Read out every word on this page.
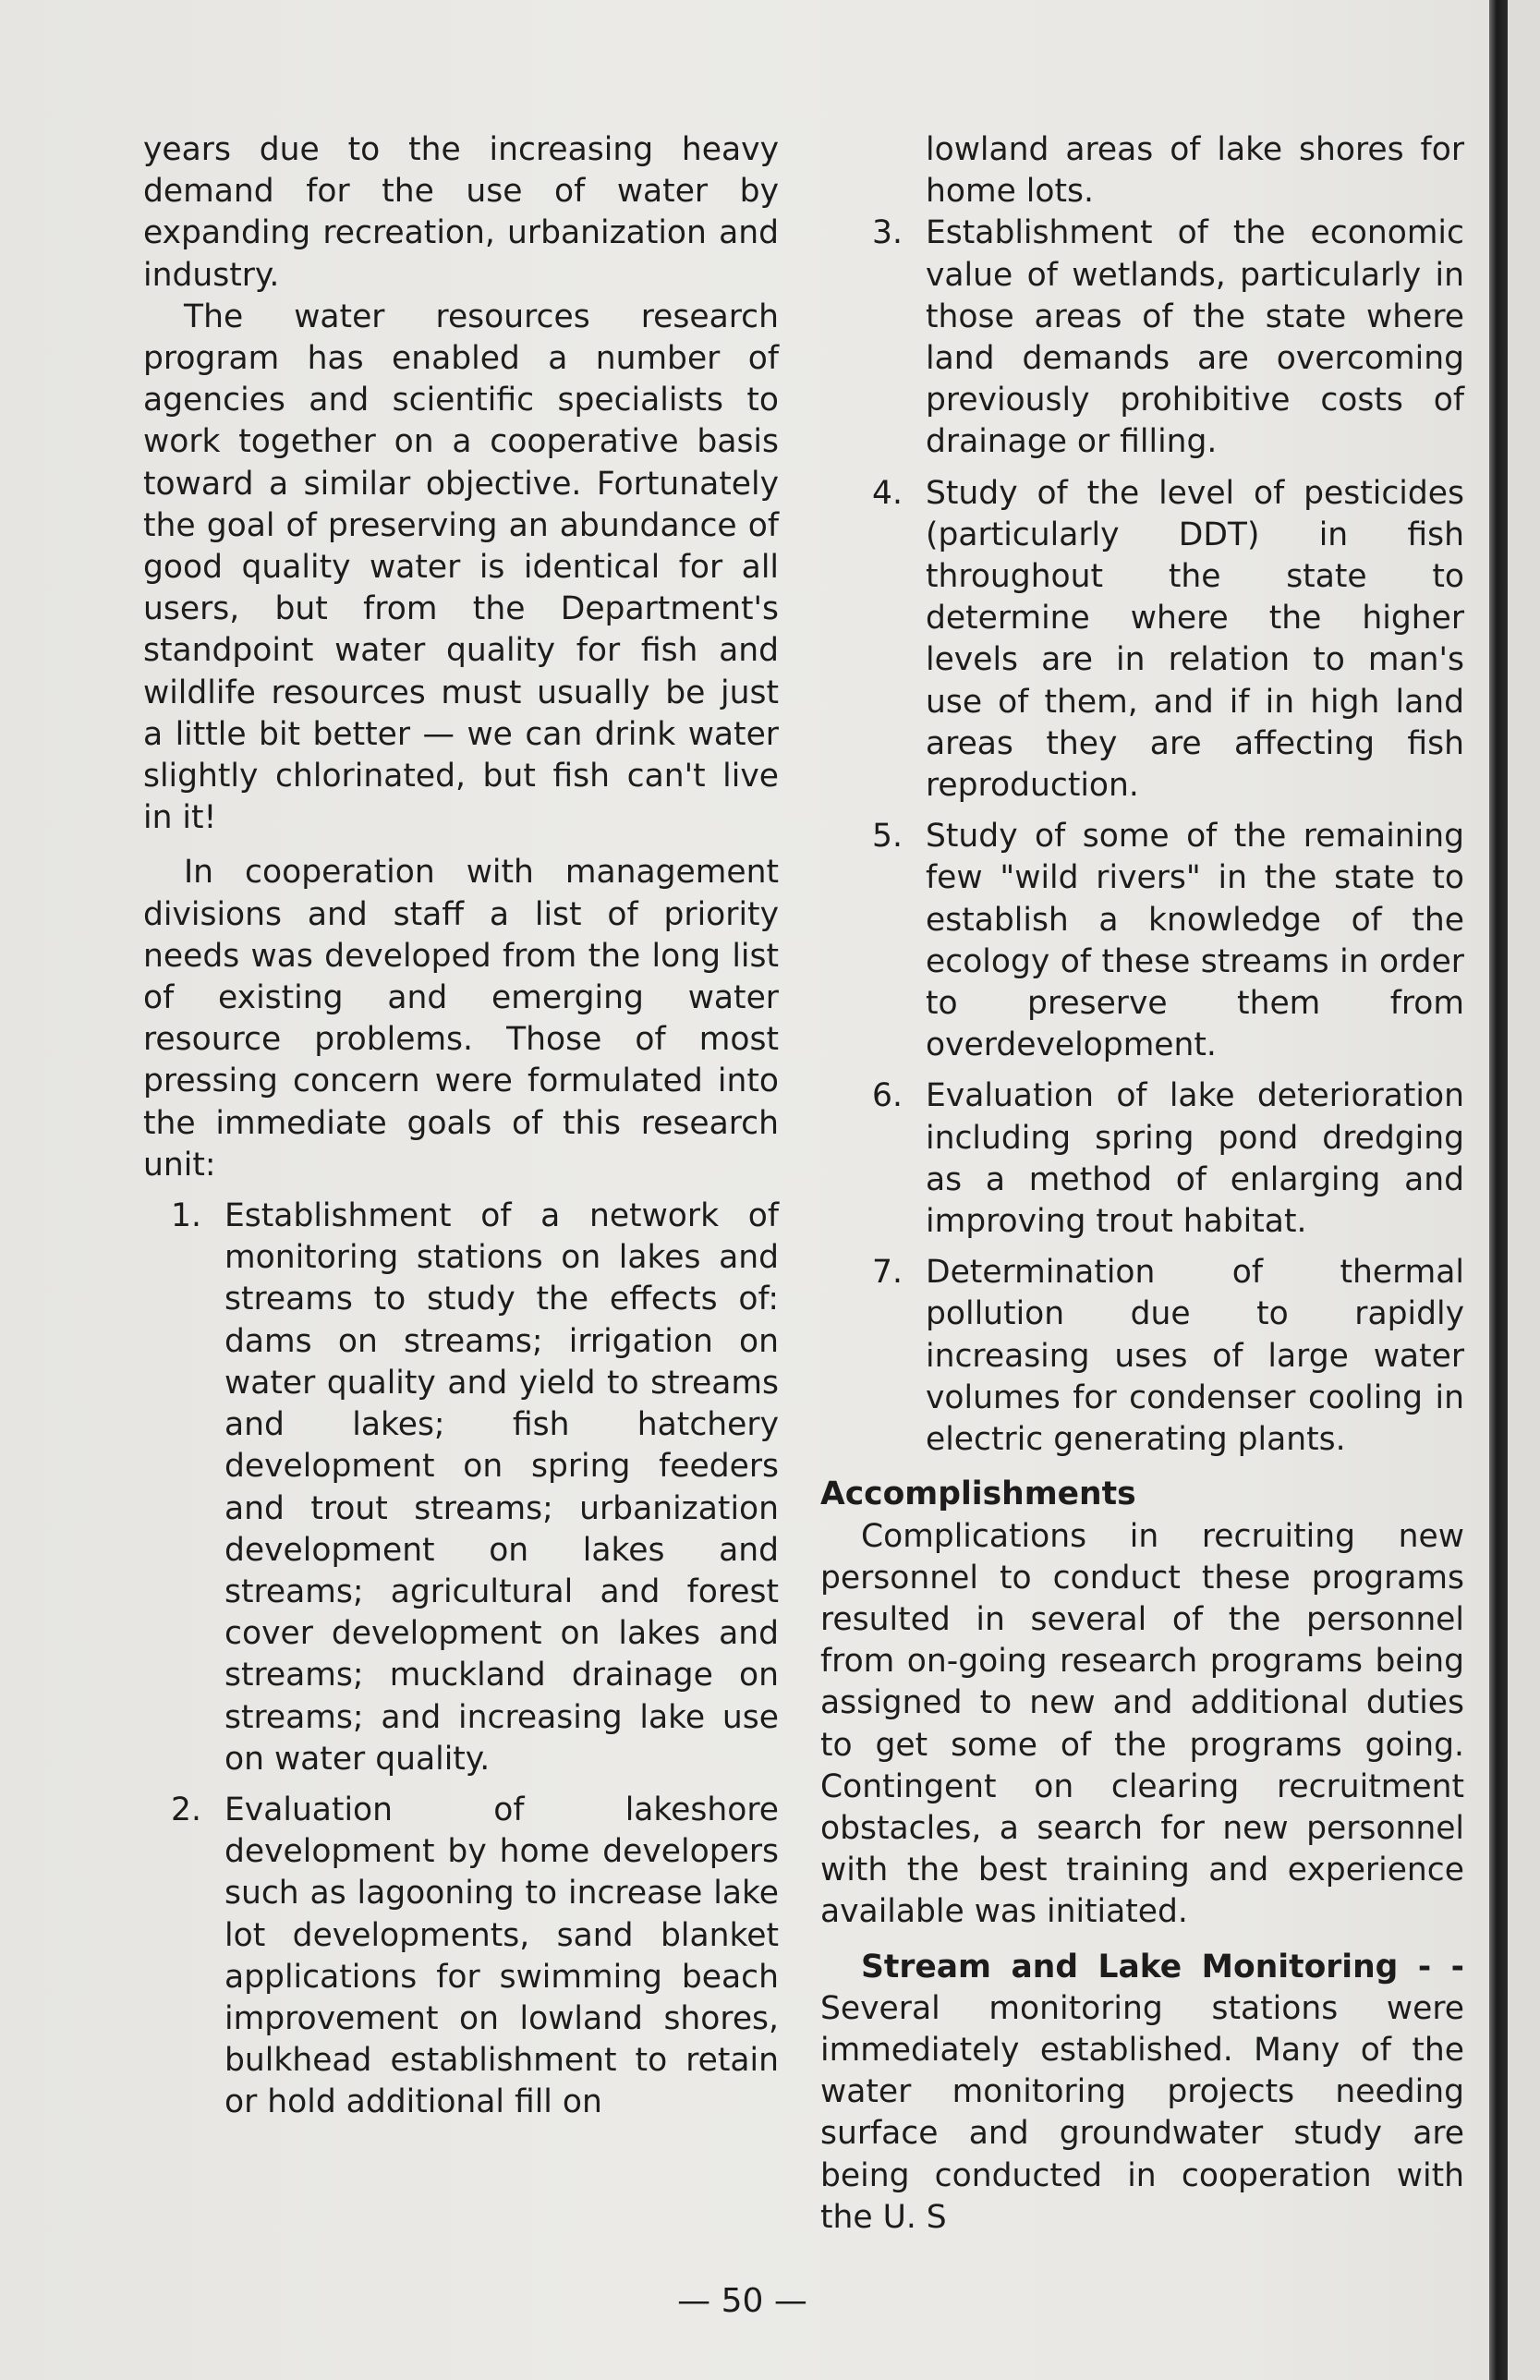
years due to the increasing heavy demand for the use of water by expanding recreation, urbanization and industry.

The water resources research program has enabled a number of agencies and scientific specialists to work together on a cooperative basis toward a similar objective. Fortunately the goal of preserving an abundance of good quality water is identical for all users, but from the Department's standpoint water quality for fish and wildlife resources must usually be just a little bit better — we can drink water slightly chlorinated, but fish can't live in it!

In cooperation with management divisions and staff a list of priority needs was developed from the long list of existing and emerging water resource problems. Those of most pressing concern were formulated into the immediate goals of this research unit:

1. Establishment of a network of monitoring stations on lakes and streams to study the effects of: dams on streams; irrigation on water quality and yield to streams and lakes; fish hatchery development on spring feeders and trout streams; urbanization development on lakes and streams; agricultural and forest cover development on lakes and streams; muckland drainage on streams; and increasing lake use on water quality.
2. Evaluation of lakeshore development by home developers such as lagooning to increase lake lot developments, sand blanket applications for swimming beach improvement on lowland shores, bulkhead establishment to retain or hold additional fill on

lowland areas of lake shores for home lots.

3. Establishment of the economic value of wetlands, particularly in those areas of the state where land demands are overcoming previously prohibitive costs of drainage or filling.
4. Study of the level of pesticides (particularly DDT) in fish throughout the state to determine where the higher levels are in relation to man's use of them, and if in high land areas they are affecting fish reproduction.
5. Study of some of the remaining few "wild rivers" in the state to establish a knowledge of the ecology of these streams in order to preserve them from overdevelopment.
6. Evaluation of lake deterioration including spring pond dredging as a method of enlarging and improving trout habitat.
7. Determination of thermal pollution due to rapidly increasing uses of large water volumes for condenser cooling in electric generating plants.

Accomplishments

Complications in recruiting new personnel to conduct these programs resulted in several of the personnel from on-going research programs being assigned to new and additional duties to get some of the programs going. Contingent on clearing recruitment obstacles, a search for new personnel with the best training and experience available was initiated.

Stream and Lake Monitoring - - Several monitoring stations were immediately established. Many of the water monitoring projects needing surface and groundwater study are being conducted in cooperation with the U. S

— 50 —
